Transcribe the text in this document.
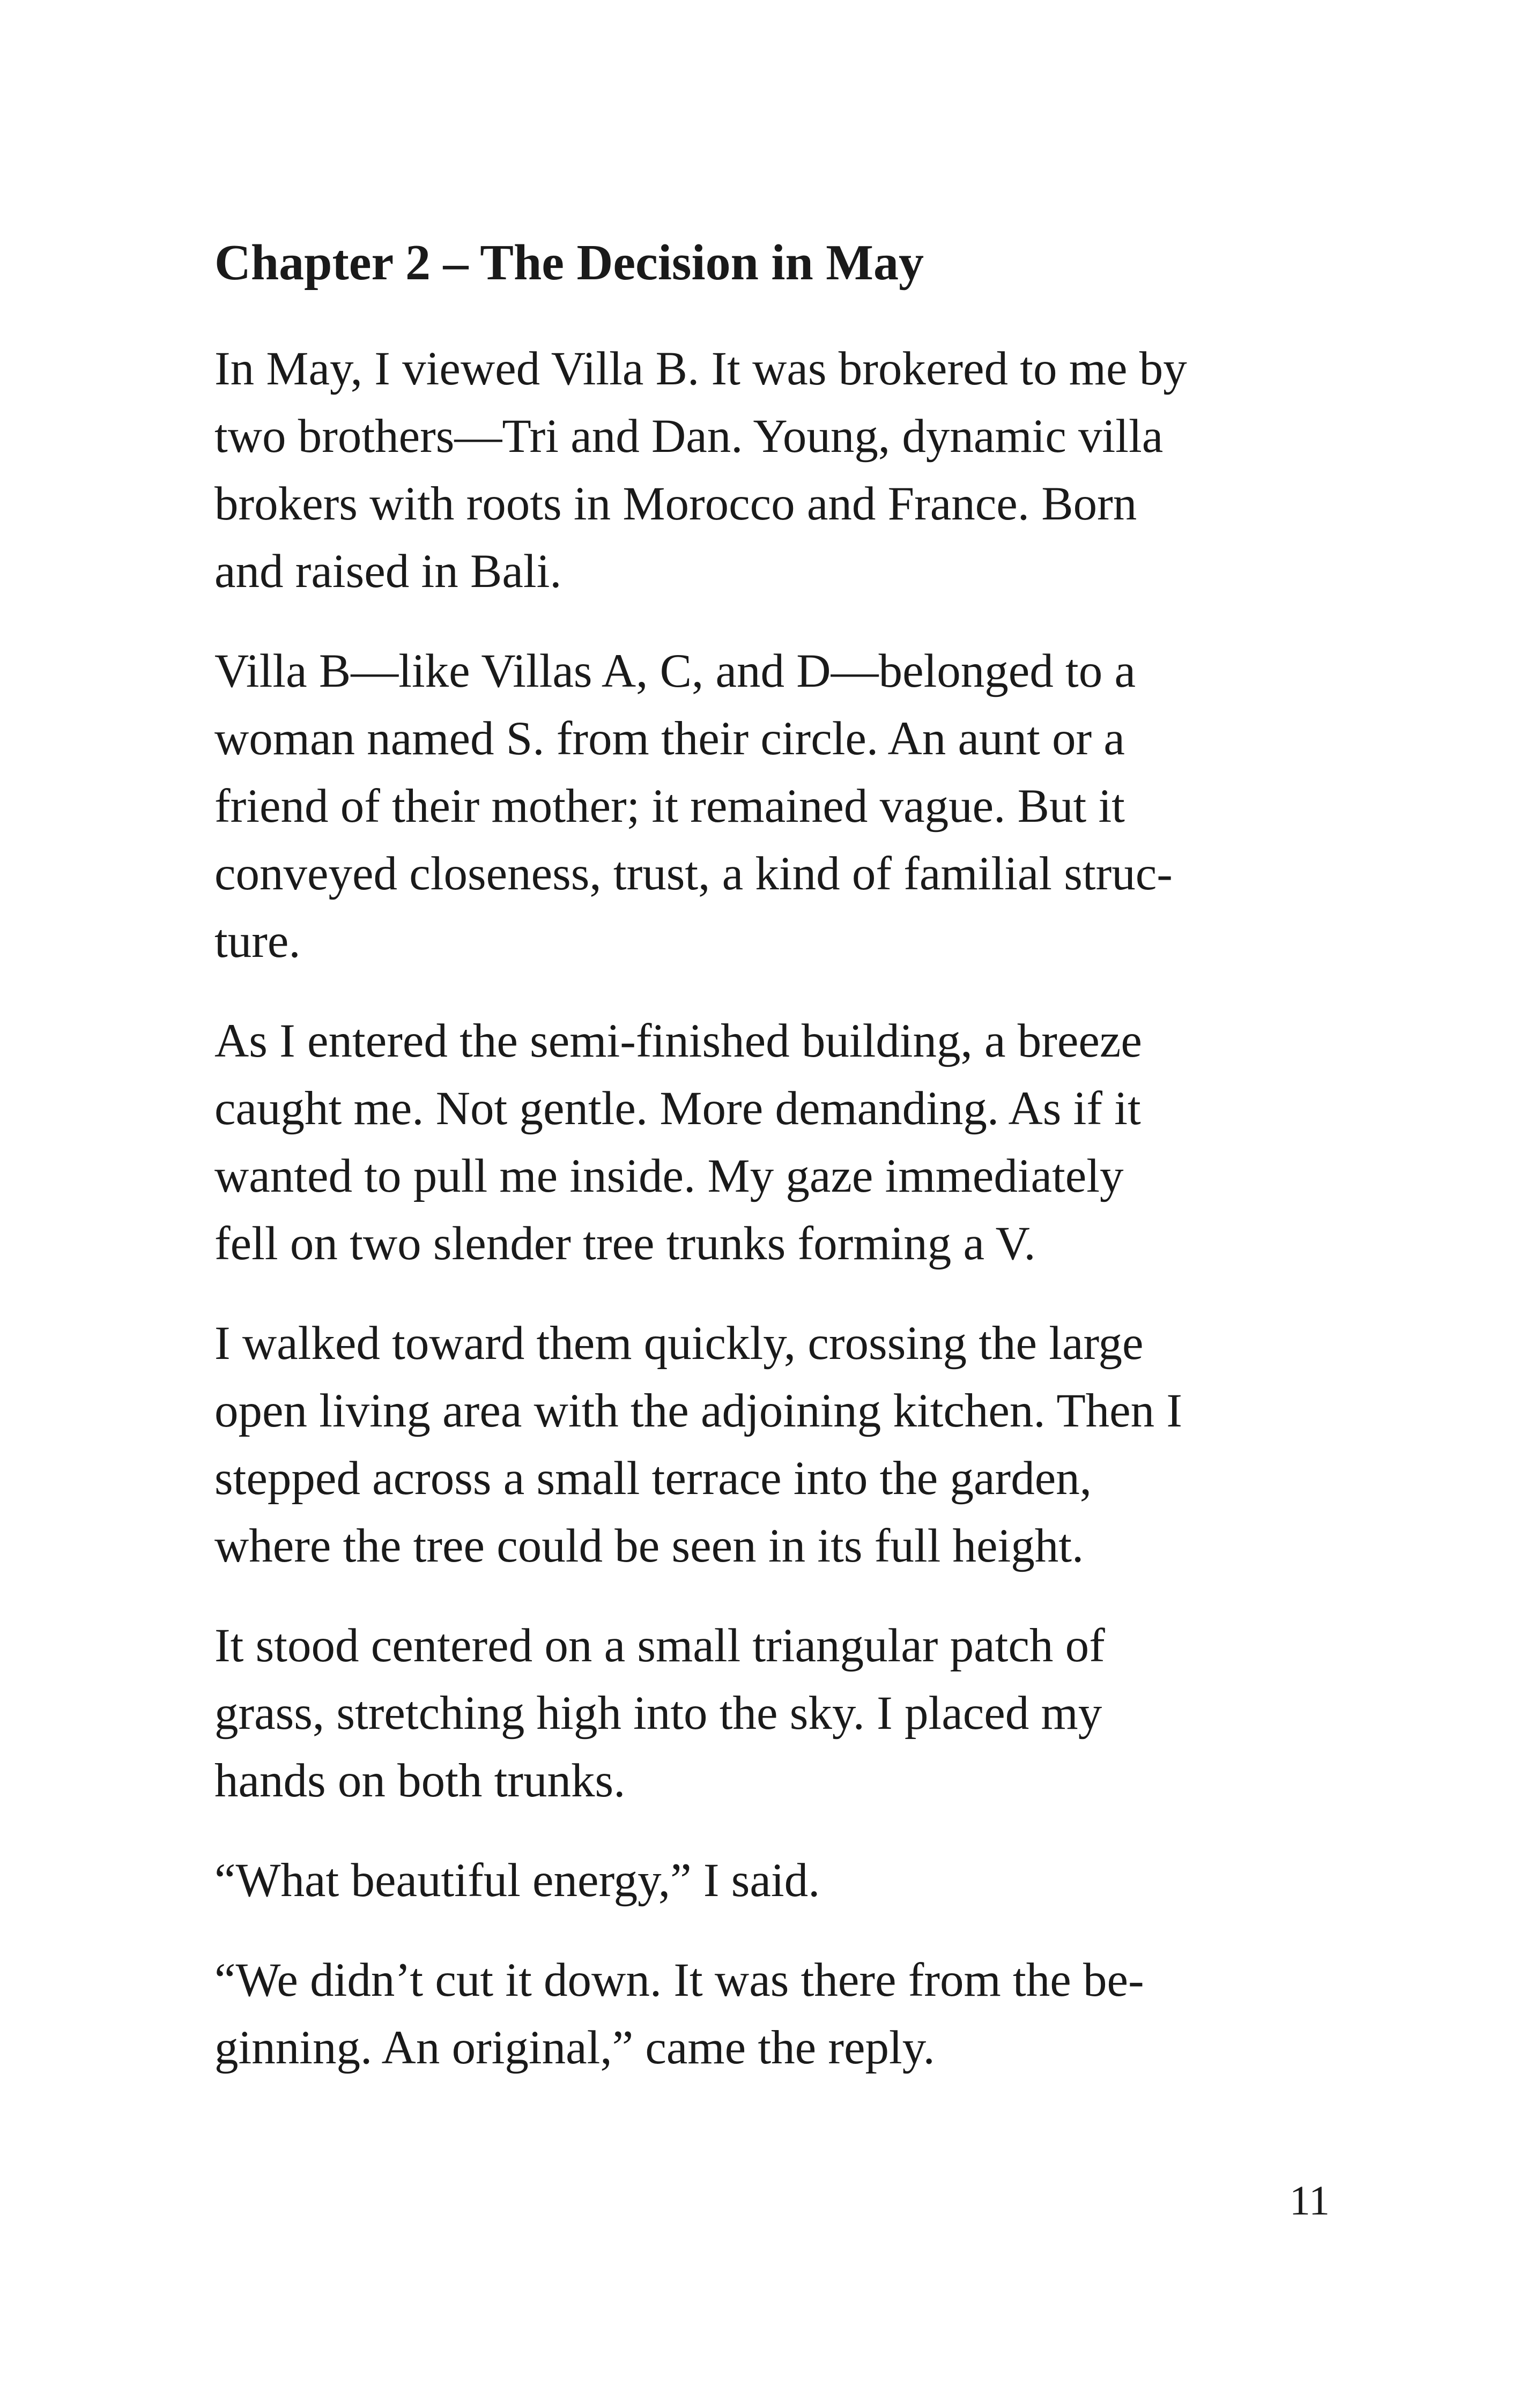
Chapter 2 – The Decision in May

In May, I viewed Villa B. It was brokered to me by
two brothers—Tri and Dan. Young, dynamic villa
brokers with roots in Morocco and France. Born
and raised in Bali.

Villa B—like Villas A, C, and D—belonged to a
woman named S. from their circle. An aunt or a
friend of their mother; it remained vague. But it
conveyed closeness, trust, a kind of familial struc-
ture.

As I entered the semi-finished building, a breeze
caught me. Not gentle. More demanding. As if it
wanted to pull me inside. My gaze immediately
fell on two slender tree trunks forming a V.

I walked toward them quickly, crossing the large
open living area with the adjoining kitchen. Then I
stepped across a small terrace into the garden,
where the tree could be seen in its full height.

It stood centered on a small triangular patch of
grass, stretching high into the sky. I placed my
hands on both trunks.

“What beautiful energy,” I said.

“We didn’t cut it down. It was there from the be-
ginning. An original,” came the reply.

11
